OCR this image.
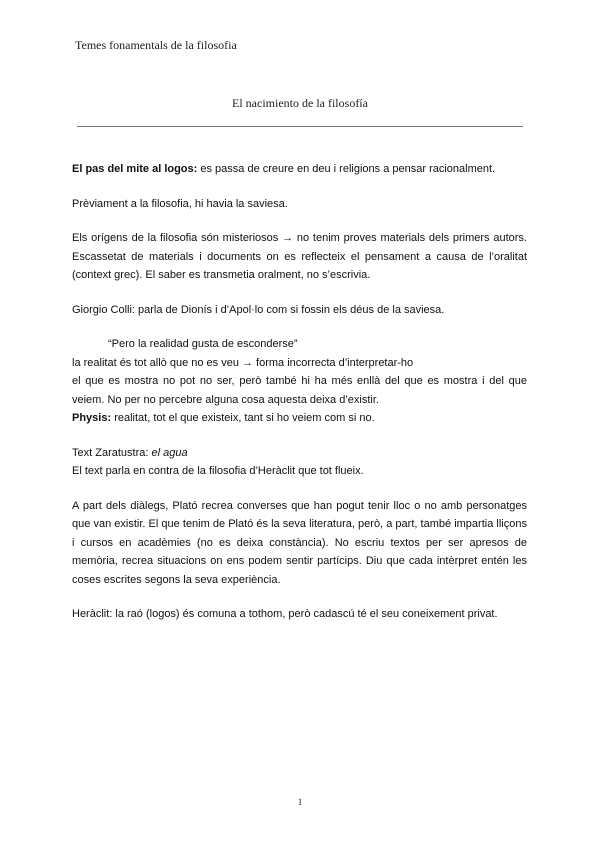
Temes fonamentals de la filosofia
El nacimiento de la filosofía

El pas del mite al logos: es passa de creure en deu i religions a pensar racionalment.

Prèviament a la filosofia, hi havia la saviesa.

Els orígens de la filosofia són misteriosos → no tenim proves materials dels primers autors. Escassetat de materials i documents on es reflecteix el pensament a causa de l’oralitat (context grec). El saber es transmetia oralment, no s’escrivia.

Giorgio Colli: parla de Dionís i d’Apol·lo com si fossin els déus de la saviesa.

“Pero la realidad gusta de esconderse”
la realitat és tot allò que no es veu → forma incorrecta d’interpretar-ho

el que es mostra no pot no ser, però també hi ha més enllà del que es mostra i del que veiem. No per no percebre alguna cosa aquesta deixa d’existir.
Physis: realitat, tot el que existeix, tant si ho veiem com si no.

Text Zaratustra: el agua
El text parla en contra de la filosofia d’Heràclit que tot flueix.

A part dels diàlegs, Plató recrea converses que han pogut tenir lloc o no amb personatges que van existir. El que tenim de Plató és la seva literatura, però, a part, també impartia lliçons i cursos en acadèmies (no es deixa constància). No escriu textos per ser apresos de memòria, recrea situacions on ens podem sentir partícips. Diu que cada intèrpret entén les coses escrites segons la seva experiència.

Heràclit: la raó (logos) és comuna a tothom, però cadascú té el seu coneixement privat.

1
